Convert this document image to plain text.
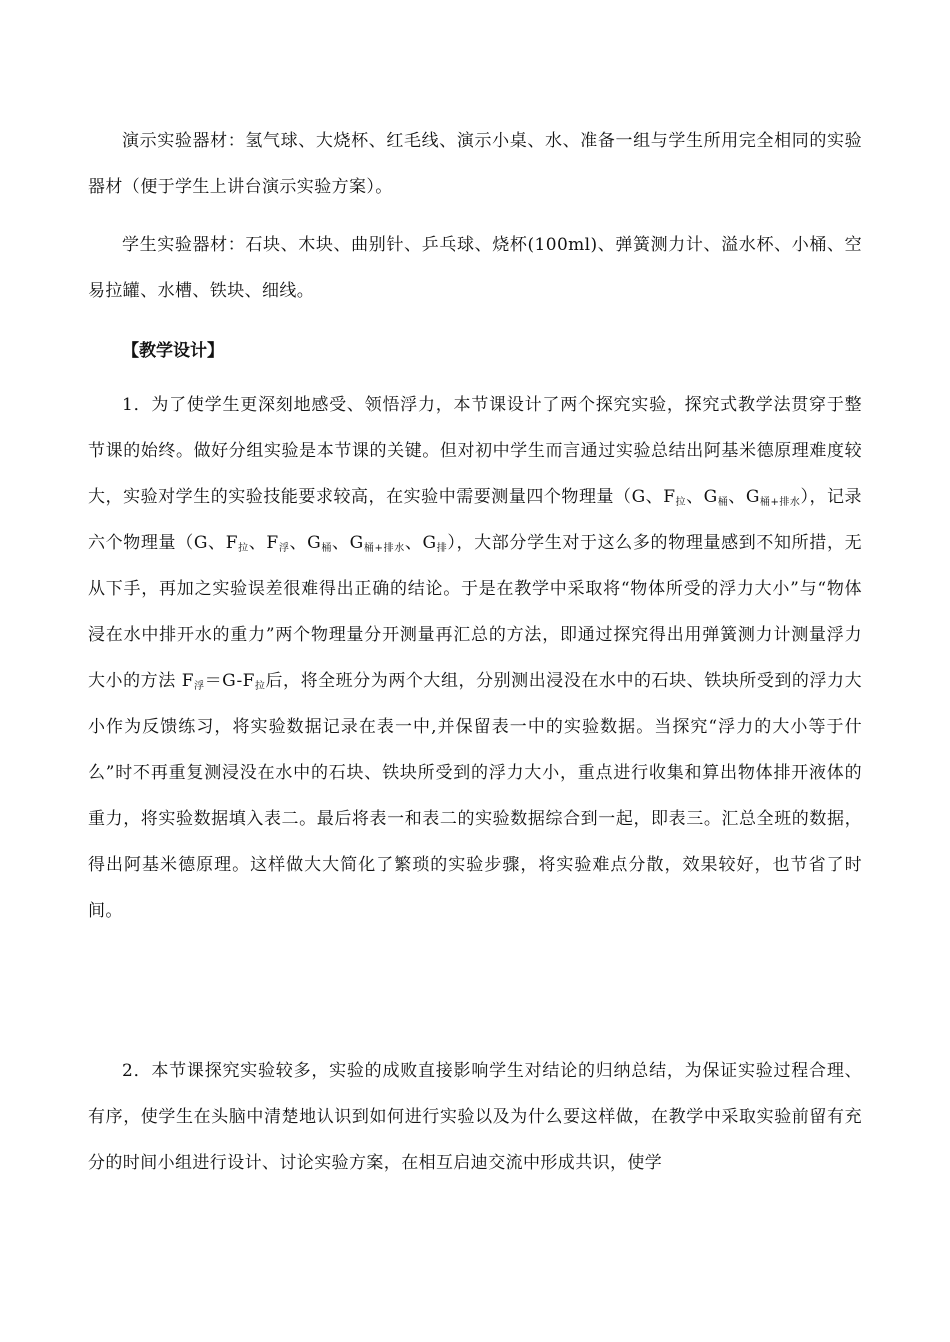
演示实验器材：氢气球、大烧杯、红毛线、演示小桌、水、准备一组与学生所用完全相同的实验器材（便于学生上讲台演示实验方案）。

学生实验器材：石块、木块、曲别针、乒乓球、烧杯(100ml)、弹簧测力计、溢水杯、小桶、空易拉罐、水槽、铁块、细线。

【教学设计】

1．为了使学生更深刻地感受、领悟浮力，本节课设计了两个探究实验，探究式教学法贯穿于整节课的始终。做好分组实验是本节课的关键。但对初中学生而言通过实验总结出阿基米德原理难度较大，实验对学生的实验技能要求较高，在实验中需要测量四个物理量（G、$F_拉$、$G_桶$、$G_{桶+排水}$），记录六个物理量（G、$F_拉$、$F_浮$、$G_桶$、$G_{桶+排水}$、$G_排$），大部分学生对于这么多的物理量感到不知所措，无从下手，再加之实验误差很难得出正确的结论。于是在教学中采取将“物体所受的浮力大小”与“物体浸在水中排开水的重力”两个物理量分开测量再汇总的方法，即通过探究得出用弹簧测力计测量浮力大小的方法 $F_浮=G-F_拉$后，将全班分为两个大组，分别测出浸没在水中的石块、铁块所受到的浮力大小作为反馈练习，将实验数据记录在表一中,并保留表一中的实验数据。当探究“浮力的大小等于什么”时不再重复测浸没在水中的石块、铁块所受到的浮力大小，重点进行收集和算出物体排开液体的重力，将实验数据填入表二。最后将表一和表二的实验数据综合到一起，即表三。汇总全班的数据，得出阿基米德原理。这样做大大简化了繁琐的实验步骤，将实验难点分散，效果较好，也节省了时间。

2．本节课探究实验较多，实验的成败直接影响学生对结论的归纳总结，为保证实验过程合理、有序，使学生在头脑中清楚地认识到如何进行实验以及为什么要这样做，在教学中采取实验前留有充分的时间小组进行设计、讨论实验方案，在相互启迪交流中形成共识，使学
